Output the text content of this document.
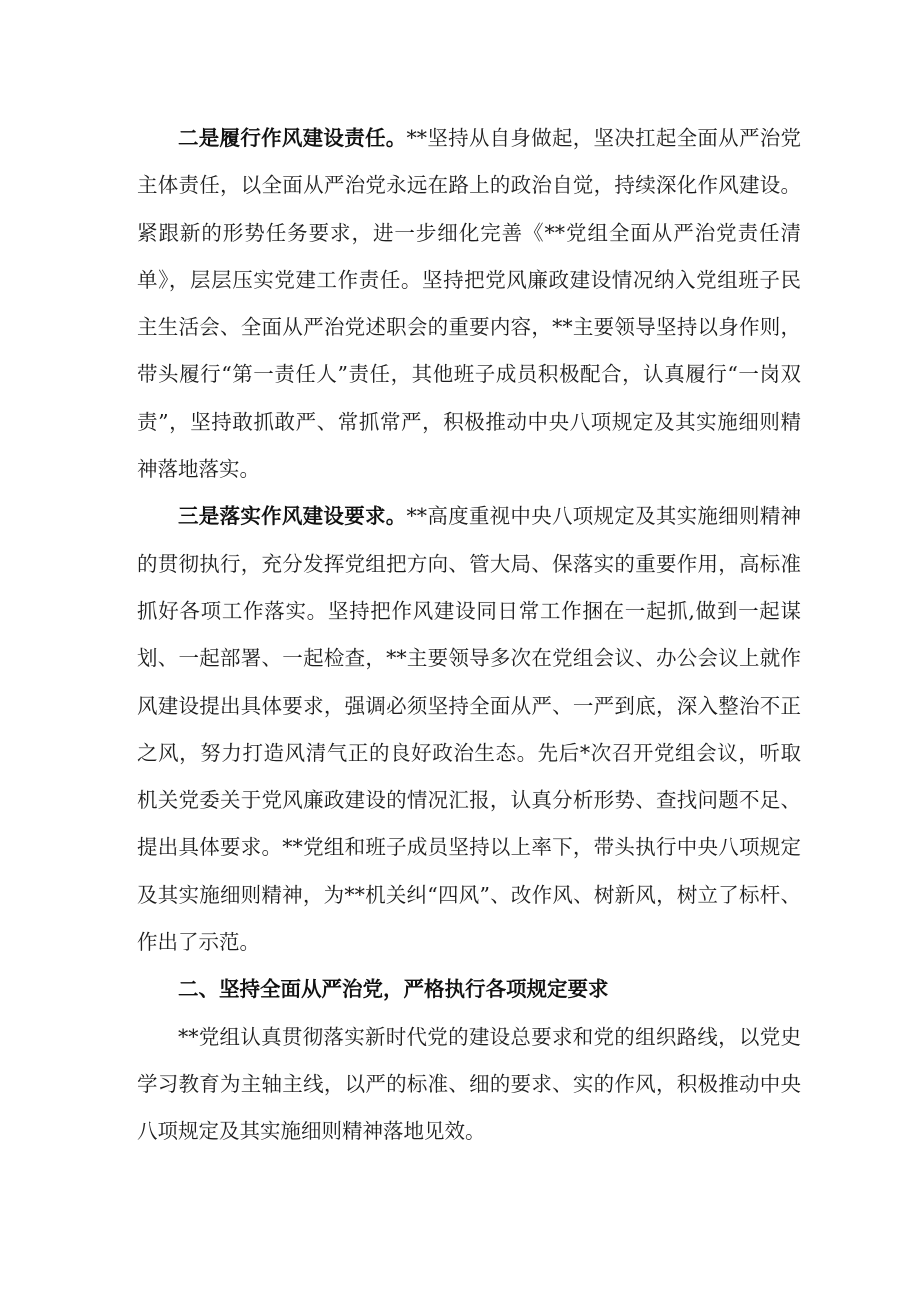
二是履行作风建设责任。**坚持从自身做起，坚决扛起全面从严治党主体责任，以全面从严治党永远在路上的政治自觉，持续深化作风建设。紧跟新的形势任务要求，进一步细化完善《**党组全面从严治党责任清单》，层层压实党建工作责任。坚持把党风廉政建设情况纳入党组班子民主生活会、全面从严治党述职会的重要内容，**主要领导坚持以身作则，带头履行“第一责任人”责任，其他班子成员积极配合，认真履行“一岗双责”，坚持敢抓敢严、常抓常严，积极推动中央八项规定及其实施细则精神落地落实。

三是落实作风建设要求。**高度重视中央八项规定及其实施细则精神的贯彻执行，充分发挥党组把方向、管大局、保落实的重要作用，高标准抓好各项工作落实。坚持把作风建设同日常工作捆在一起抓,做到一起谋划、一起部署、一起检查，**主要领导多次在党组会议、办公会议上就作风建设提出具体要求，强调必须坚持全面从严、一严到底，深入整治不正之风，努力打造风清气正的良好政治生态。先后*次召开党组会议，听取机关党委关于党风廉政建设的情况汇报，认真分析形势、查找问题不足、提出具体要求。**党组和班子成员坚持以上率下，带头执行中央八项规定及其实施细则精神，为**机关纠“四风”、改作风、树新风，树立了标杆、作出了示范。

二、坚持全面从严治党，严格执行各项规定要求

**党组认真贯彻落实新时代党的建设总要求和党的组织路线，以党史学习教育为主轴主线，以严的标准、细的要求、实的作风，积极推动中央八项规定及其实施细则精神落地见效。
